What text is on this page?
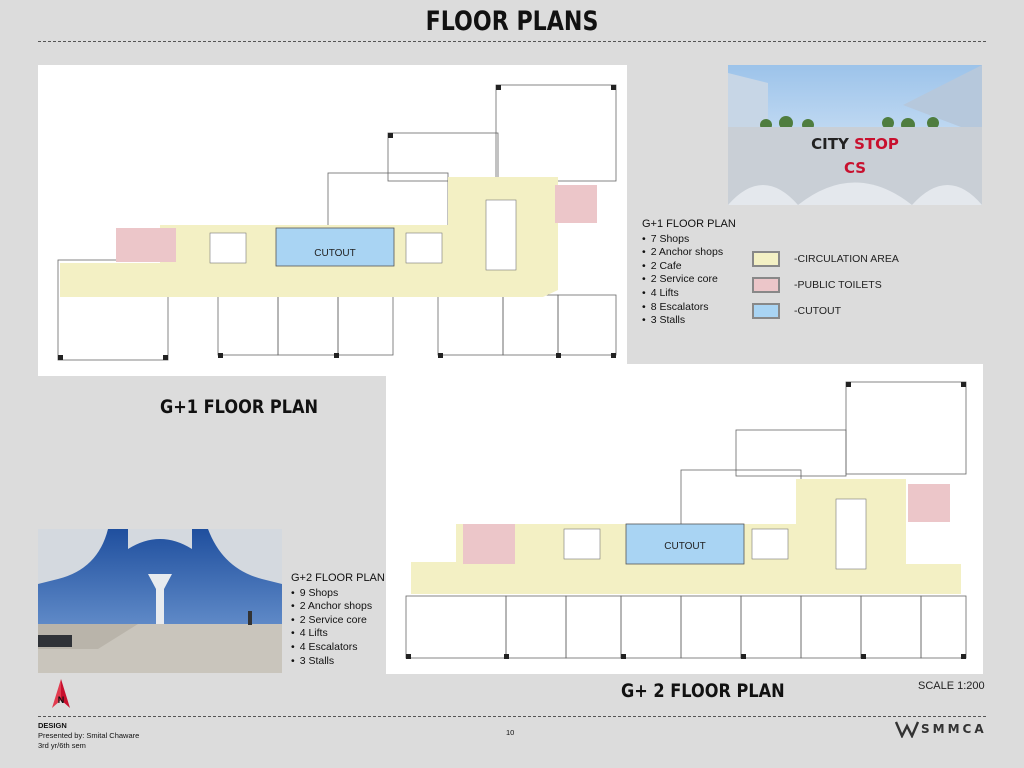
FLOOR PLANS
CUTOUT
CUTOUT
CITY STOP
CS
G+1 FLOOR PLAN
• 7 Shops
• 2 Anchor shops
• 2 Cafe
• 2 Service core
• 4 Lifts
• 8 Escalators
• 3 Stalls
-CIRCULATION AREA
-PUBLIC TOILETS
-CUTOUT
G+1 FLOOR PLAN
G+ 2 FLOOR PLAN
G+2 FLOOR PLAN
• 9 Shops
• 2 Anchor shops
• 2 Service core
• 4 Lifts
• 4 Escalators
• 3 Stalls
N
SCALE 1:200
DESIGN
Presented by: Smital Chaware
3rd yr/6th sem
10	SMMCA
